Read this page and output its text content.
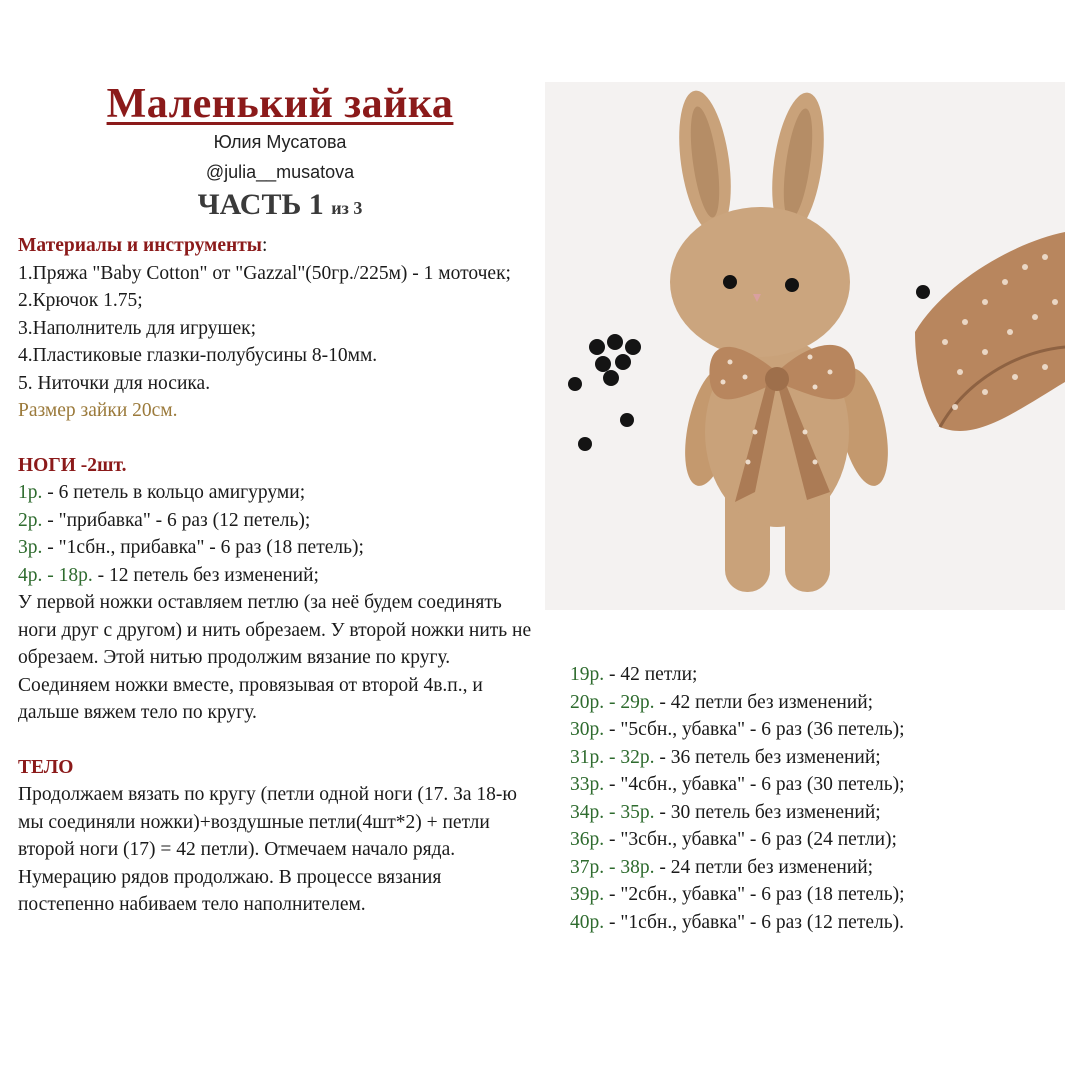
Маленький зайка
Юлия Мусатова
@julia__musatova
ЧАСТЬ 1 из 3

Материалы и инструменты:

1.Пряжа "Baby Cotton" от "Gazzal"(50гр./225м) - 1 моточек;

2.Крючок 1.75;

3.Наполнитель для игрушек;

4.Пластиковые глазки-полубусины 8-10мм.

5. Ниточки для носика.

Размер зайки 20см.

НОГИ -2шт.

1р. - 6 петель в кольцо амигуруми;

2р. - "прибавка" - 6 раз (12 петель);

3р. - "1сбн., прибавка" - 6 раз (18 петель);

4р. - 18р. - 12 петель без изменений;

У первой ножки оставляем петлю (за неё будем соединять ноги друг с другом) и нить обрезаем. У второй ножки нить не обрезаем. Этой нитью продолжим вязание по кругу. Соединяем ножки вместе, провязывая от второй 4в.п., и дальше вяжем тело по кругу.

ТЕЛО

Продолжаем вязать по кругу (петли одной ноги (17. За 18-ю мы соединяли ножки)+воздушные петли(4шт*2) + петли второй ноги (17) = 42 петли). Отмечаем начало ряда. Нумерацию рядов продолжаю. В процессе вязания постепенно набиваем тело наполнителем.

19р. - 42 петли;

20р. - 29р. - 42 петли без изменений;

30р. - "5сбн., убавка" - 6 раз (36 петель);

31р. - 32р. - 36 петель без изменений;

33р. - "4сбн., убавка" - 6 раз (30 петель);

34р. - 35р. - 30 петель без изменений;

36р. - "3сбн., убавка" - 6 раз (24 петли);

37р. - 38р. - 24 петли без изменений;

39р. - "2сбн., убавка" - 6 раз (18 петель);

40р. - "1сбн., убавка" - 6 раз (12 петель).
